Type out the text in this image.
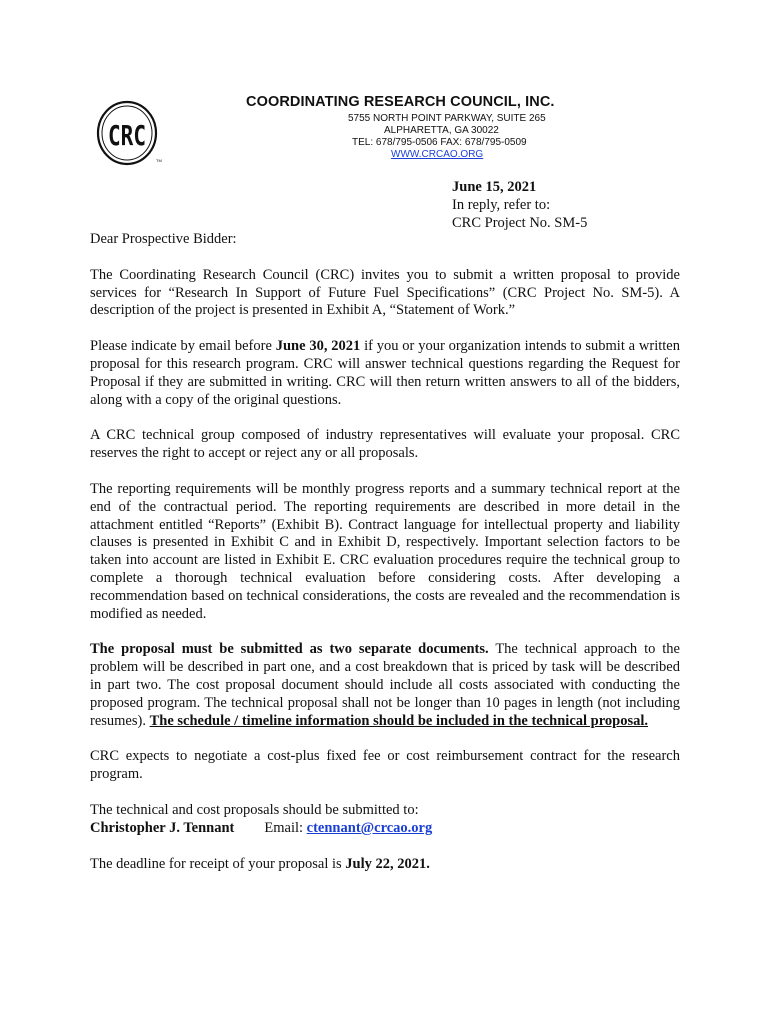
CRC
TM
COORDINATING RESEARCH COUNCIL, INC.
5755 NORTH POINT PARKWAY, SUITE 265
ALPHARETTA, GA 30022
TEL: 678/795-0506 FAX: 678/795-0509
WWW.CRCAO.ORG
June 15, 2021
In reply, refer to:
CRC Project No. SM-5

Dear Prospective Bidder:

The Coordinating Research Council (CRC) invites you to submit a written proposal to provide services for “Research In Support of Future Fuel Specifications” (CRC Project No. SM-5). A description of the project is presented in Exhibit A, “Statement of Work.”

Please indicate by email before June 30, 2021 if you or your organization intends to submit a written proposal for this research program. CRC will answer technical questions regarding the Request for Proposal if they are submitted in writing. CRC will then return written answers to all of the bidders, along with a copy of the original questions.

A CRC technical group composed of industry representatives will evaluate your proposal. CRC reserves the right to accept or reject any or all proposals.

The reporting requirements will be monthly progress reports and a summary technical report at the end of the contractual period. The reporting requirements are described in more detail in the attachment entitled “Reports” (Exhibit B). Contract language for intellectual property and liability clauses is presented in Exhibit C and in Exhibit D, respectively. Important selection factors to be taken into account are listed in Exhibit E. CRC evaluation procedures require the technical group to complete a thorough technical evaluation before considering costs. After developing a recommendation based on technical considerations, the costs are revealed and the recommendation is modified as needed.

The proposal must be submitted as two separate documents. The technical approach to the problem will be described in part one, and a cost breakdown that is priced by task will be described in part two. The cost proposal document should include all costs associated with conducting the proposed program. The technical proposal shall not be longer than 10 pages in length (not including resumes). The schedule / timeline information should be included in the technical proposal.

CRC expects to negotiate a cost-plus fixed fee or cost reimbursement contract for the research program.

The technical and cost proposals should be submitted to:

Christopher J. Tennant Email: ctennant@crcao.org

The deadline for receipt of your proposal is July 22, 2021.
